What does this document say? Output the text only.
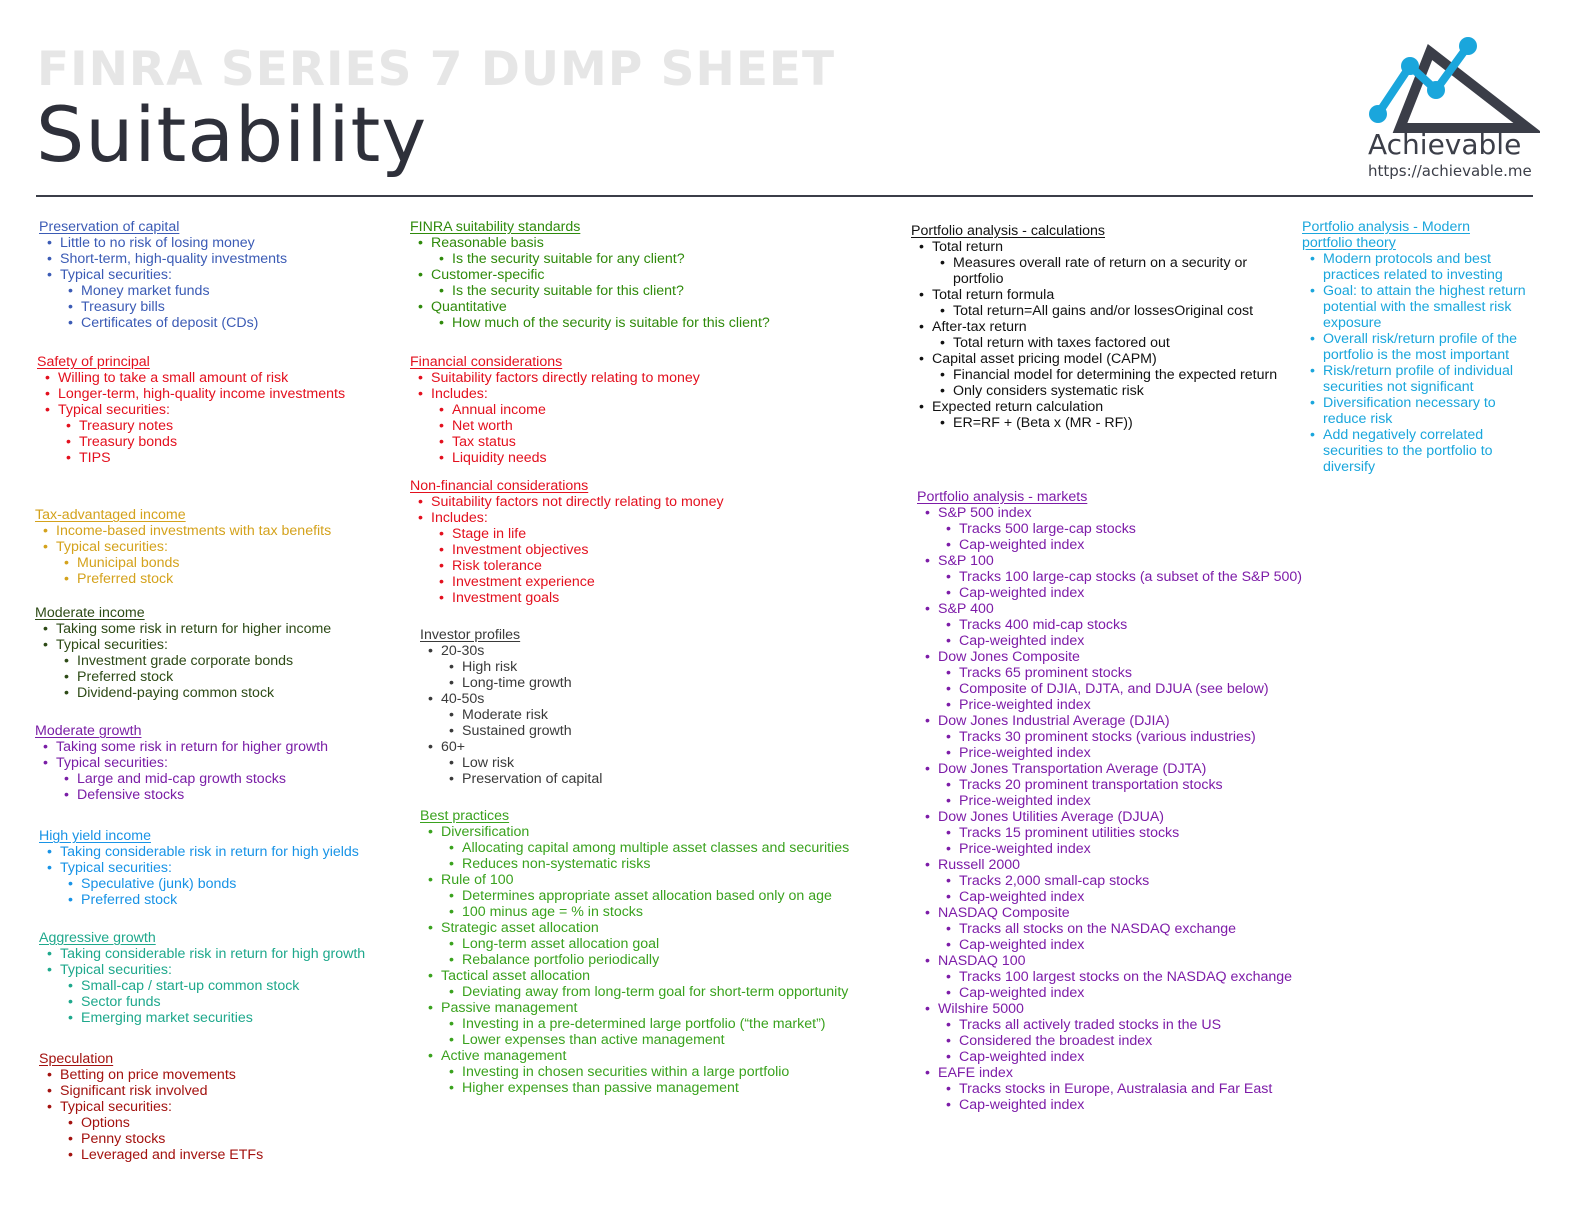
FINRA SERIES 7 DUMP SHEET
Suitability	Achievable
https://achievable.me
Preservation of capital
• Little to no risk of losing money
• Short-term, high-quality investments
• Typical securities:
• Money market funds
• Treasury bills
• Certificates of deposit (CDs)
Safety of principal
• Willing to take a small amount of risk
• Longer-term, high-quality income investments
• Typical securities:
• Treasury notes
• Treasury bonds
• TIPS
Tax-advantaged income
• Income-based investments with tax benefits
• Typical securities:
• Municipal bonds
• Preferred stock
Moderate income
• Taking some risk in return for higher income
• Typical securities:
• Investment grade corporate bonds
• Preferred stock
• Dividend-paying common stock
Moderate growth
• Taking some risk in return for higher growth
• Typical securities:
• Large and mid-cap growth stocks
• Defensive stocks
High yield income
• Taking considerable risk in return for high yields
• Typical securities:
• Speculative (junk) bonds
• Preferred stock
Aggressive growth
• Taking considerable risk in return for high growth
• Typical securities:
• Small-cap / start-up common stock
• Sector funds
• Emerging market securities
Speculation
• Betting on price movements
• Significant risk involved
• Typical securities:
• Options
• Penny stocks
• Leveraged and inverse ETFs
FINRA suitability standards
• Reasonable basis
• Is the security suitable for any client?
• Customer-specific
• Is the security suitable for this client?
• Quantitative
• How much of the security is suitable for this client?
Financial considerations
• Suitability factors directly relating to money
• Includes:
• Annual income
• Net worth
• Tax status
• Liquidity needs
Non-financial considerations
• Suitability factors not directly relating to money
• Includes:
• Stage in life
• Investment objectives
• Risk tolerance
• Investment experience
• Investment goals
Investor profiles
• 20-30s
• High risk
• Long-time growth
• 40-50s
• Moderate risk
• Sustained growth
• 60+
• Low risk
• Preservation of capital
Best practices
• Diversification
• Allocating capital among multiple asset classes and securities
• Reduces non-systematic risks
• Rule of 100
• Determines appropriate asset allocation based only on age
• 100 minus age = % in stocks
• Strategic asset allocation
• Long-term asset allocation goal
• Rebalance portfolio periodically
• Tactical asset allocation
• Deviating away from long-term goal for short-term opportunity
• Passive management
• Investing in a pre-determined large portfolio (“the market”)
• Lower expenses than active management
• Active management
• Investing in chosen securities within a large portfolio
• Higher expenses than passive management
Portfolio analysis - calculations
• Total return
• Measures overall rate of return on a security or portfolio
• Total return formula
• Total return=All gains and/or lossesOriginal cost
• After-tax return
• Total return with taxes factored out
• Capital asset pricing model (CAPM)
• Financial model for determining the expected return
• Only considers systematic risk
• Expected return calculation
• ER=RF + (Beta x (MR - RF))
Portfolio analysis - markets
• S&P 500 index
• Tracks 500 large-cap stocks
• Cap-weighted index
• S&P 100
• Tracks 100 large-cap stocks (a subset of the S&P 500)
• Cap-weighted index
• S&P 400
• Tracks 400 mid-cap stocks
• Cap-weighted index
• Dow Jones Composite
• Tracks 65 prominent stocks
• Composite of DJIA, DJTA, and DJUA (see below)
• Price-weighted index
• Dow Jones Industrial Average (DJIA)
• Tracks 30 prominent stocks (various industries)
• Price-weighted index
• Dow Jones Transportation Average (DJTA)
• Tracks 20 prominent transportation stocks
• Price-weighted index
• Dow Jones Utilities Average (DJUA)
• Tracks 15 prominent utilities stocks
• Price-weighted index
• Russell 2000
• Tracks 2,000 small-cap stocks
• Cap-weighted index
• NASDAQ Composite
• Tracks all stocks on the NASDAQ exchange
• Cap-weighted index
• NASDAQ 100
• Tracks 100 largest stocks on the NASDAQ exchange
• Cap-weighted index
• Wilshire 5000
• Tracks all actively traded stocks in the US
• Considered the broadest index
• Cap-weighted index
• EAFE index
• Tracks stocks in Europe, Australasia and Far East
• Cap-weighted index
Portfolio analysis - Modern portfolio theory
• Modern protocols and best practices related to investing
• Goal: to attain the highest return potential with the smallest risk exposure
• Overall risk/return profile of the portfolio is the most important
• Risk/return profile of individual securities not significant
• Diversification necessary to reduce risk
• Add negatively correlated securities to the portfolio to diversify
